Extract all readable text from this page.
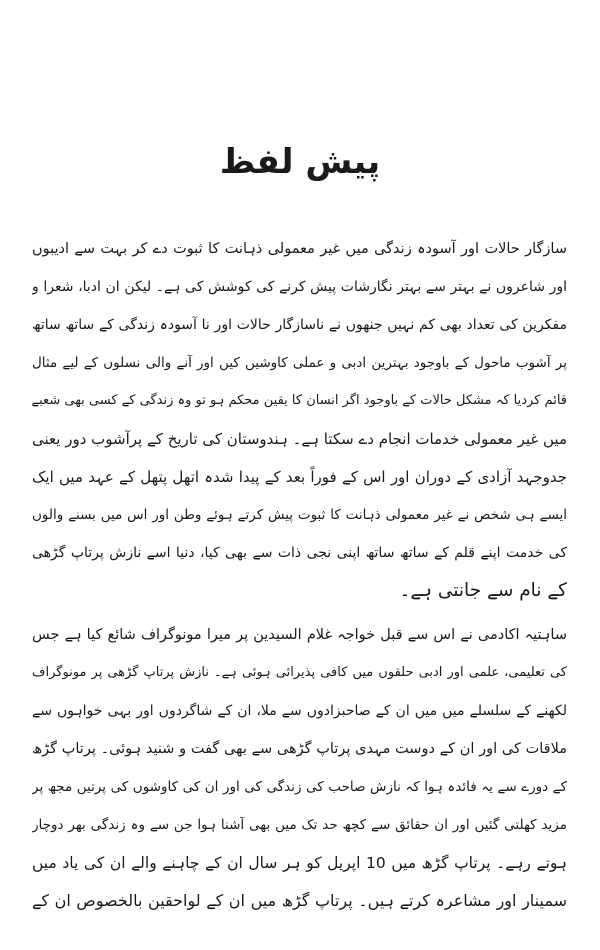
پیش لفظ
سازگار حالات اور آسودہ زندگی میں غیر معمولی ذہانت کا ثبوت دے کر بہت سے ادیبوں
اور شاعروں نے بہتر سے بہتر نگارشات پیش کرنے کی کوشش کی ہے۔ لیکن ان ادبا، شعرا و
مفکرین کی تعداد بھی کم نہیں جنھوں نے ناسازگار حالات اور نا آسودہ زندگی کے ساتھ ساتھ
پر آشوب ماحول کے باوجود بہترین ادبی و عملی کاوشیں کیں اور آنے والی نسلوں کے لیے مثال
قائم کردیا کہ مشکل حالات کے باوجود اگر انسان کا یقین محکم ہو تو وہ زندگی کے کسی بھی شعبے
میں غیر معمولی خدمات انجام دے سکتا ہے۔ ہندوستان کی تاریخ کے پرآشوب دور یعنی
جدوجہد آزادی کے دوران اور اس کے فوراً بعد کے پیدا شدہ اتھل پتھل کے عہد میں ایک
ایسے ہی شخص نے غیر معمولی ذہانت کا ثبوت پیش کرتے ہوئے وطن اور اس میں بسنے والوں
کی خدمت اپنے قلم کے ساتھ ساتھ اپنی نجی ذات سے بھی کیا، دنیا اسے نازش پرتاپ گڑھی
کے نام سے جانتی ہے۔
ساہتیہ اکادمی نے اس سے قبل خواجہ غلام السیدین پر میرا مونوگراف شائع کیا ہے جس
کی تعلیمی، علمی اور ادبی حلقوں میں کافی پذیرائی ہوئی ہے۔ نازش پرتاپ گڑھی پر مونوگراف
لکھنے کے سلسلے میں میں ان کے صاحبزادوں سے ملا، ان کے شاگردوں اور بہی خواہوں سے
ملاقات کی اور ان کے دوست مہدی پرتاپ گڑھی سے بھی گفت و شنید ہوئی۔ پرتاپ گڑھ
کے دورے سے یہ فائدہ ہوا کہ نازش صاحب کی زندگی کی اور ان کی کاوشوں کی پرتیں مجھ پر
مزید کھلتی گئیں اور ان حقائق سے کچھ حد تک میں بھی آشنا ہوا جن سے وہ زندگی بھر دوچار
ہوتے رہے۔ پرتاپ گڑھ میں 10 اپریل کو ہر سال ان کے چاہنے والے ان کی یاد میں
سمینار اور مشاعرہ کرتے ہیں۔ پرتاپ گڑھ میں ان کے لواحقین بالخصوص ان کے
